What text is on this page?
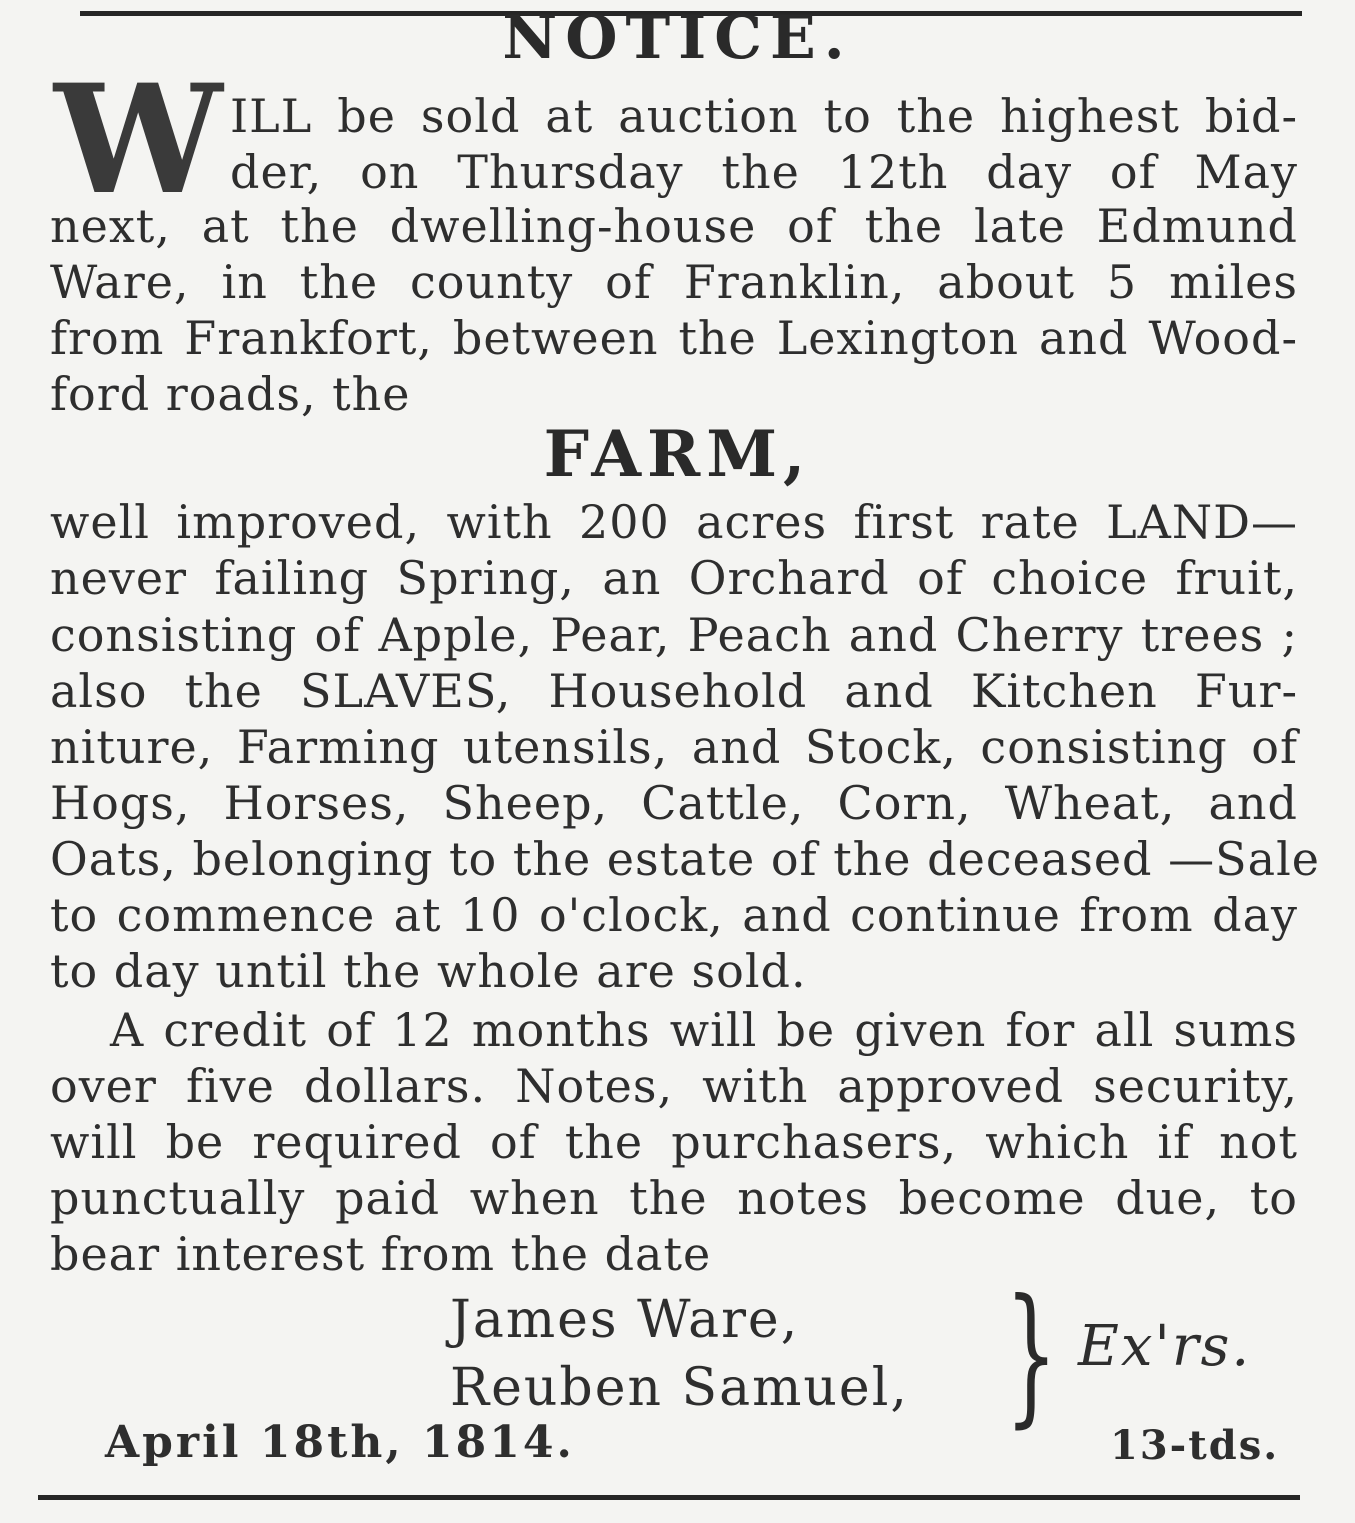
NOTICE.
W ILL be sold at auction to the highest bid-
der, on Thursday the 12th day of May
next, at the dwelling-house of the late Edmund
Ware, in the county of Franklin, about 5 miles
from Frankfort, between the Lexington and Wood-
ford roads, the
FARM,
well improved, with 200 acres first rate LAND—
never failing Spring, an Orchard of choice fruit,
consisting of Apple, Pear, Peach and Cherry trees ;
also the SLAVES, Household and Kitchen Fur-
niture, Farming utensils, and Stock, consisting of
Hogs, Horses, Sheep, Cattle, Corn, Wheat, and
Oats, belonging to the estate of the deceased —Sale
to commence at 10 o'clock, and continue from day
to day until the whole are sold.
A credit of 12 months will be given for all sums
over five dollars. Notes, with approved security,
will be required of the purchasers, which if not
punctually paid when the notes become due, to
bear interest from the date
James Ware,
Reuben Samuel, } Ex'rs.
April 18th, 1814.	13-tds.
